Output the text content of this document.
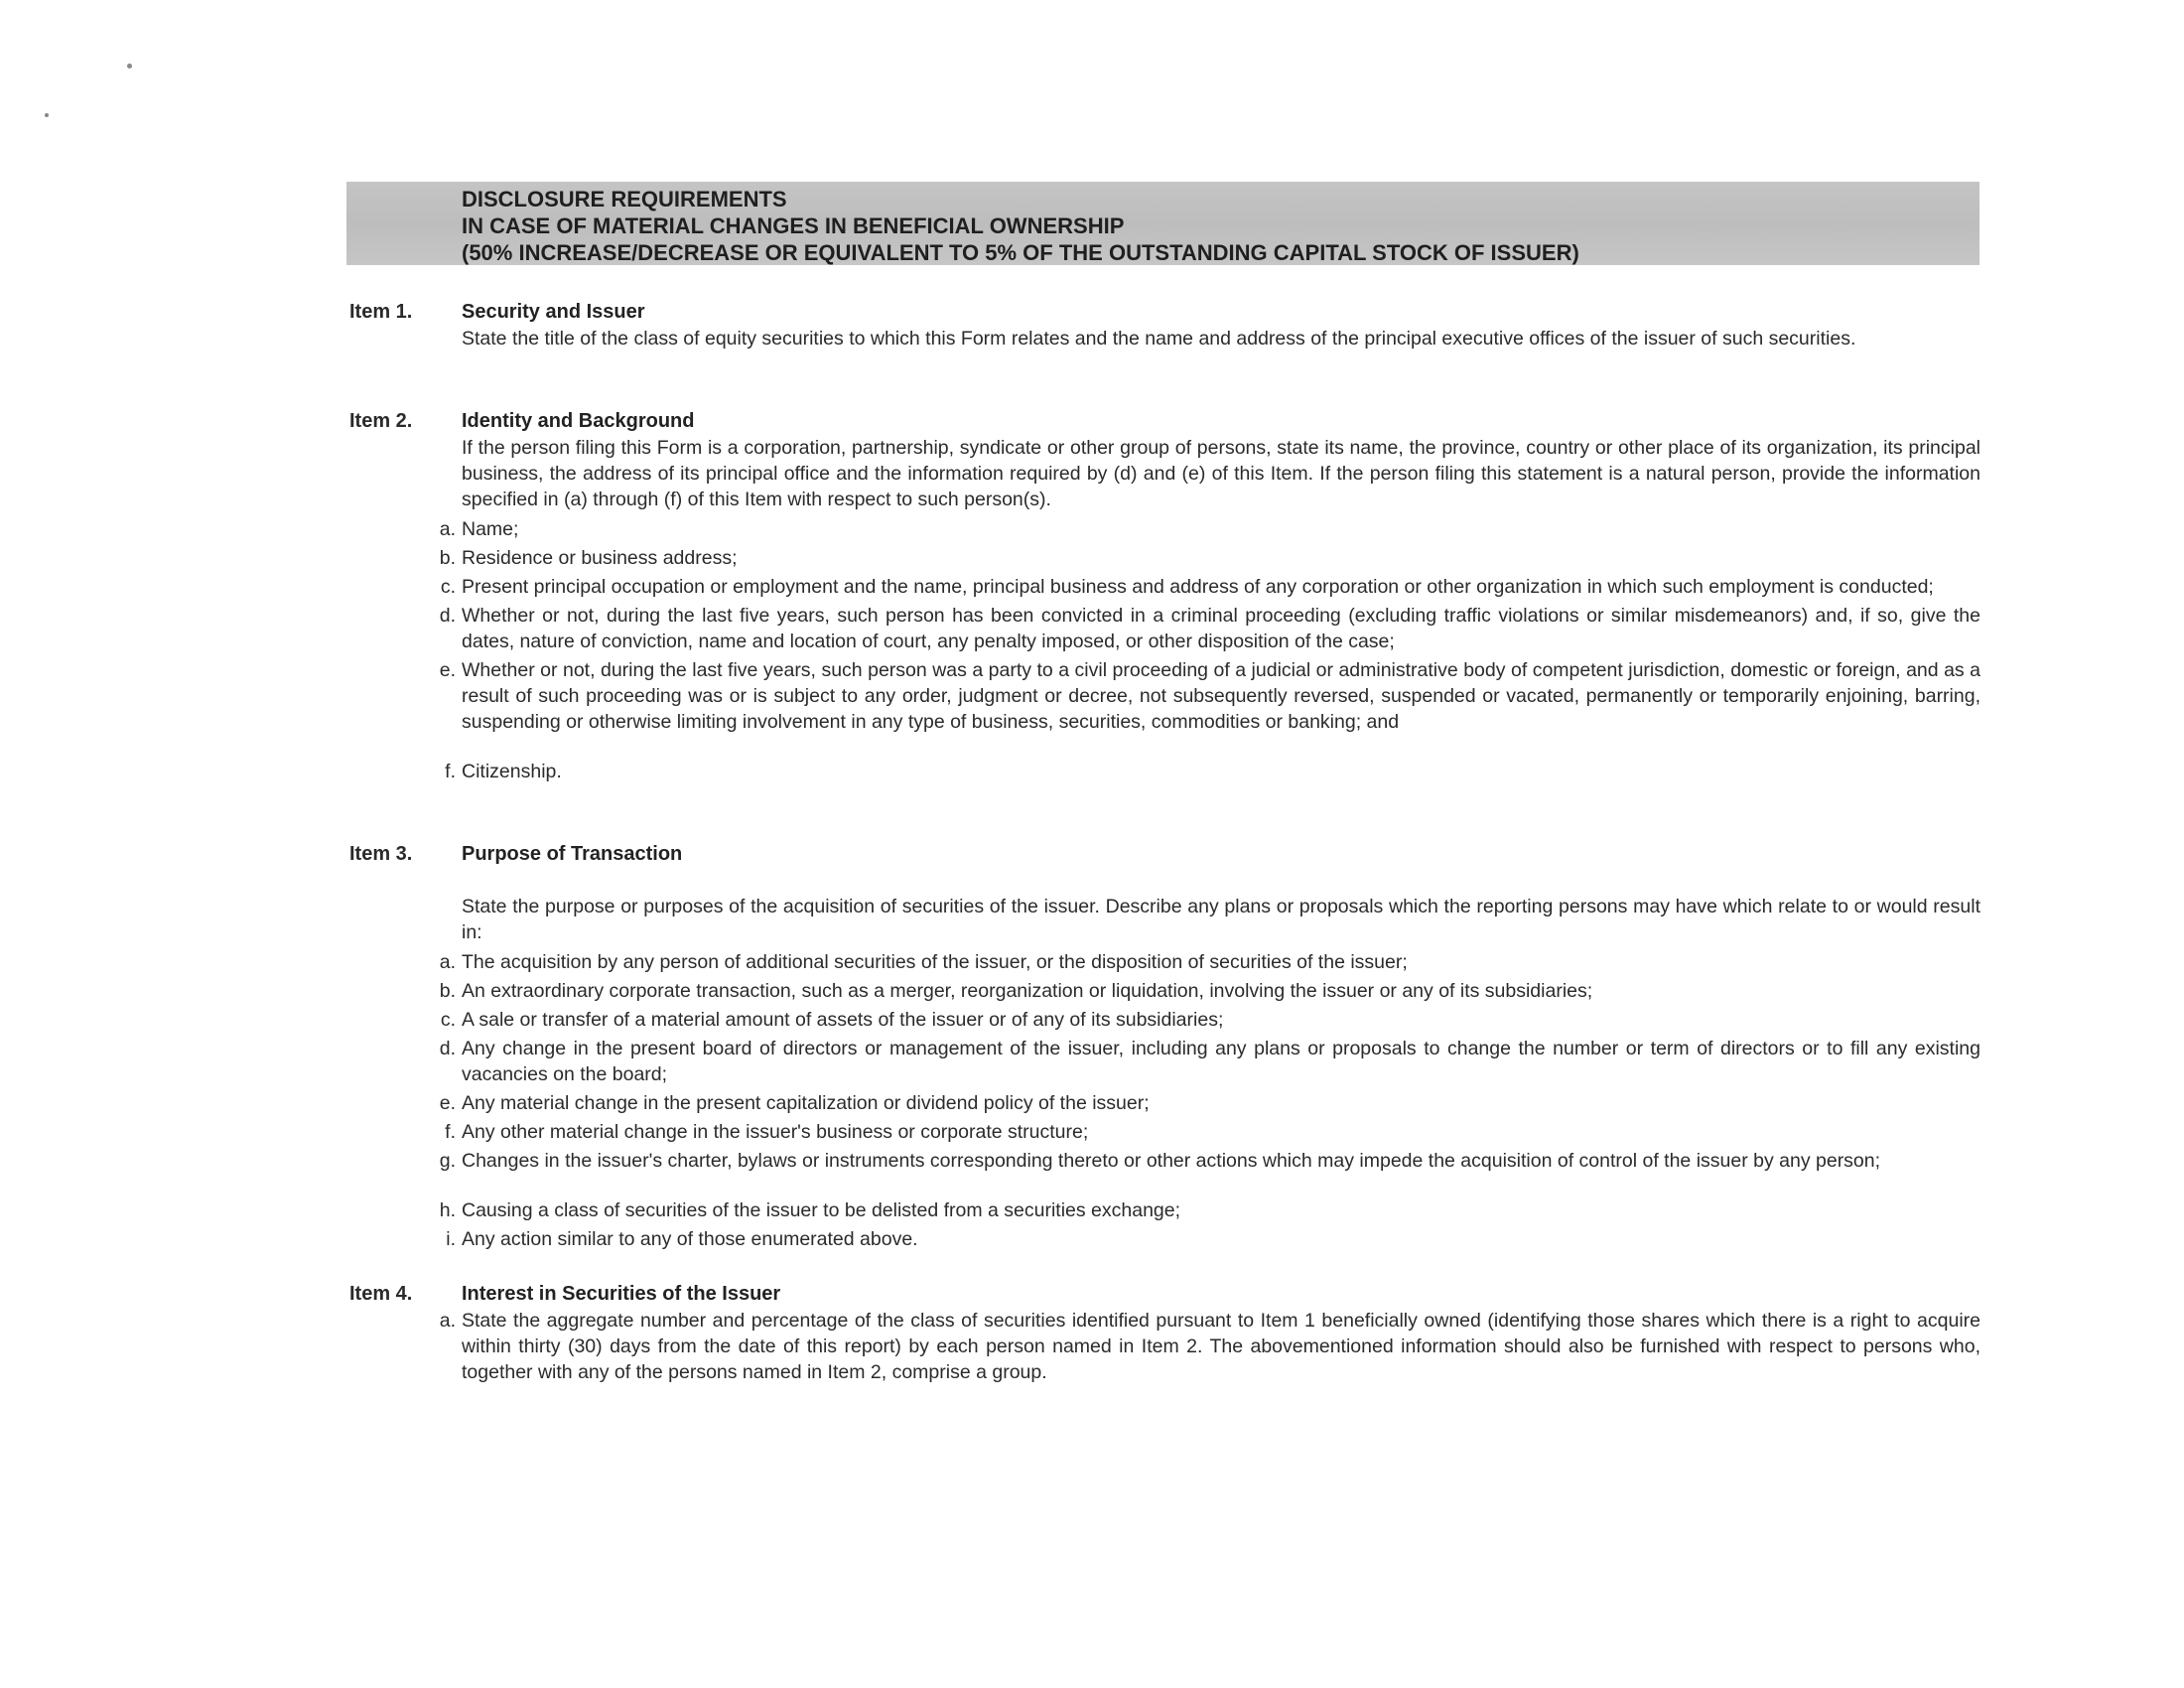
DISCLOSURE REQUIREMENTS
IN CASE OF MATERIAL CHANGES IN BENEFICIAL OWNERSHIP
(50% INCREASE/DECREASE OR EQUIVALENT TO 5% OF THE OUTSTANDING CAPITAL STOCK OF ISSUER)
Item 1. Security and Issuer

State the title of the class of equity securities to which this Form relates and the name and address of the principal executive offices of the issuer of such securities.

Item 2. Identity and Background

If the person filing this Form is a corporation, partnership, syndicate or other group of persons, state its name, the province, country or other place of its organization, its principal business, the address of its principal office and the information required by (d) and (e) of this Item. If the person filing this statement is a natural person, provide the information specified in (a) through (f) of this Item with respect to such person(s).

a. Name;
b. Residence or business address;
c. Present principal occupation or employment and the name, principal business and address of any corporation or other organization in which such employment is conducted;
d. Whether or not, during the last five years, such person has been convicted in a criminal proceeding (excluding traffic violations or similar misdemeanors) and, if so, give the dates, nature of conviction, name and location of court, any penalty imposed, or other disposition of the case;
e. Whether or not, during the last five years, such person was a party to a civil proceeding of a judicial or administrative body of competent jurisdiction, domestic or foreign, and as a result of such proceeding was or is subject to any order, judgment or decree, not subsequently reversed, suspended or vacated, permanently or temporarily enjoining, barring, suspending or otherwise limiting involvement in any type of business, securities, commodities or banking; and
f. Citizenship.
Item 3. Purpose of Transaction

State the purpose or purposes of the acquisition of securities of the issuer. Describe any plans or proposals which the reporting persons may have which relate to or would result in:

a. The acquisition by any person of additional securities of the issuer, or the disposition of securities of the issuer;
b. An extraordinary corporate transaction, such as a merger, reorganization or liquidation, involving the issuer or any of its subsidiaries;
c. A sale or transfer of a material amount of assets of the issuer or of any of its subsidiaries;
d. Any change in the present board of directors or management of the issuer, including any plans or proposals to change the number or term of directors or to fill any existing vacancies on the board;
e. Any material change in the present capitalization or dividend policy of the issuer;
f. Any other material change in the issuer's business or corporate structure;
g. Changes in the issuer's charter, bylaws or instruments corresponding thereto or other actions which may impede the acquisition of control of the issuer by any person;
h. Causing a class of securities of the issuer to be delisted from a securities exchange;
i. Any action similar to any of those enumerated above.
Item 4. Interest in Securities of the Issuer
a. State the aggregate number and percentage of the class of securities identified pursuant to Item 1 beneficially owned (identifying those shares which there is a right to acquire within thirty (30) days from the date of this report) by each person named in Item 2. The abovementioned information should also be furnished with respect to persons who, together with any of the persons named in Item 2, comprise a group.
